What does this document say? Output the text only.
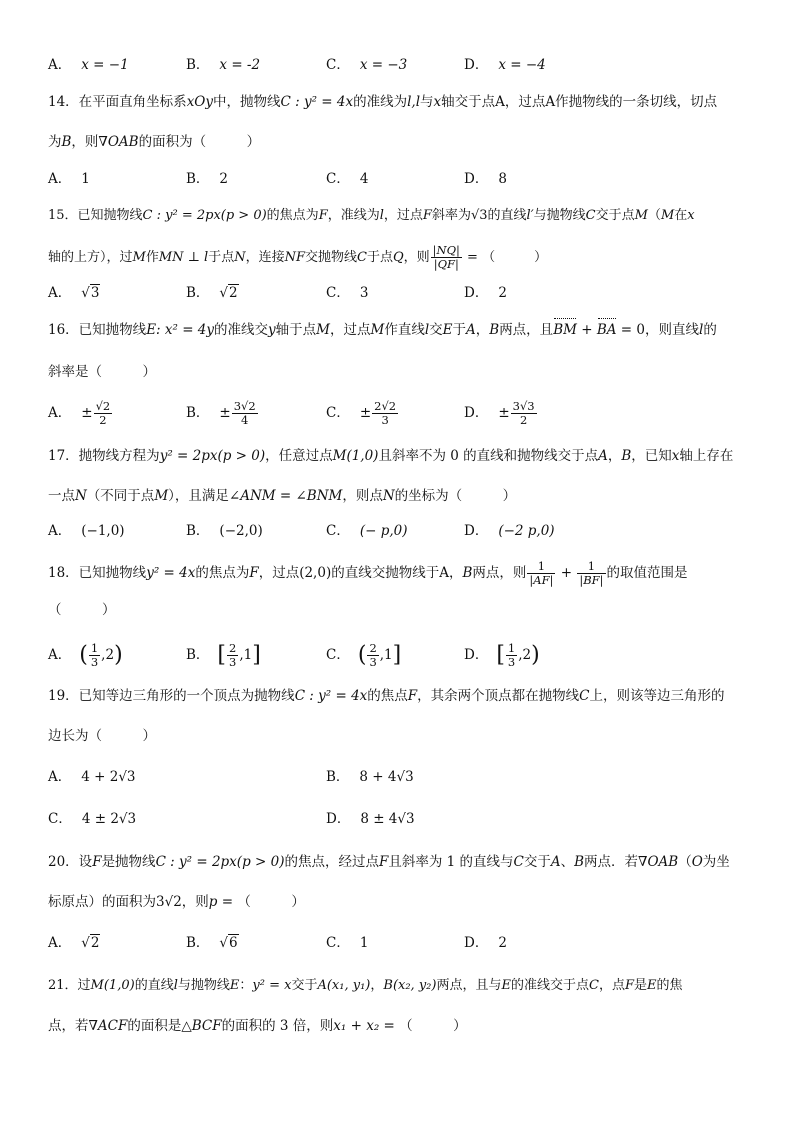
A． x = −1	B． x = -2	C． x = −3	D． x = −4
14．在平面直角坐标系xOy中，抛物线C : y² = 4x的准线为l,l与x轴交于点A，过点A作抛物线的一条切线，切点
为B，则∇OAB的面积为（　　　）
A． 1	B． 2	C． 4	D． 8
15．已知抛物线C : y² = 2px(p > 0)的焦点为F，准线为l，过点F斜率为√3的直线l′与抛物线C交于点M（M在x
轴的上方），过M作MN ⊥ l于点N，连接NF交抛物线C于点Q，则 $\frac{|NQ|}{|QF|}$ = （　　　）
A． √3	B． √2	C． 3	D． 2
16．已知抛物线E: x² = 4y的准线交y轴于点M，过点M作直线l交E于A，B两点，且BM + BA = 0，则直线l的
斜率是（　　　）
A． ± $\frac{√2}{2}$	B． ± $\frac{3√2}{4}$	C． ± $\frac{2√2}{3}$	D． ± $\frac{3√3}{2}$
17．抛物线方程为y² = 2px(p > 0)，任意过点M(1,0)且斜率不为 0 的直线和抛物线交于点A，B，已知x轴上存在
一点N（不同于点M），且满足∠ANM = ∠BNM，则点N的坐标为（　　　）
A． (−1,0)	B． (−2,0)	C． (− p,0)	D． (−2 p,0)
18．已知抛物线y² = 4x的焦点为F，过点(2,0)的直线交抛物线于A，B两点，则 $\frac{1}{|AF|} + \frac{1}{|BF|}$ 的取值范围是
（　　　）
A． ( $\frac{1}{3} ,2$)	B． [ $\frac{2}{3} ,1$]	C． ( $\frac{2}{3} ,1$]	D． [ $\frac{1}{3} ,2$)
19．已知等边三角形的一个顶点为抛物线C : y² = 4x的焦点F，其余两个顶点都在抛物线C上，则该等边三角形的
边长为（　　　）
A． 4 + 2√3	B． 8 + 4√3
C． 4 ± 2√3	D． 8 ± 4√3
20．设F是抛物线C : y² = 2px(p > 0)的焦点，经过点F且斜率为 1 的直线与C交于A、B两点．若∇OAB（O为坐
标原点）的面积为3√2，则p = （　　　）
A． √2	B． √6	C． 1	D． 2
21．过M(1,0)的直线l与抛物线E：y² = x交于A(x₁, y₁)，B(x₂, y₂)两点，且与E的准线交于点C，点F是E的焦
点，若∇ACF的面积是△BCF的面积的 3 倍，则x₁ + x₂ = （　　　）
